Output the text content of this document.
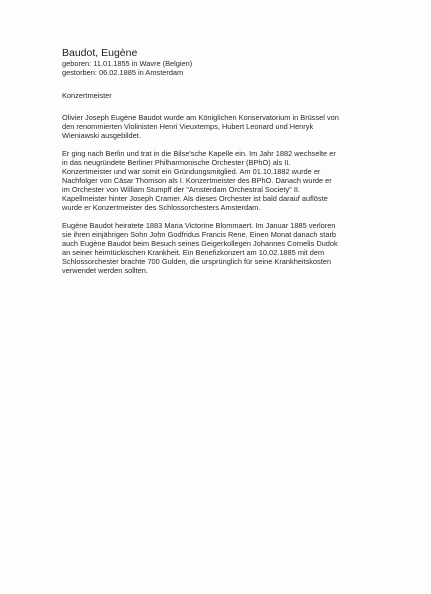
Baudot, Eugène

geboren: 11.01.1855 in Wavre (Belgien)

gestorben: 06.02.1885 in Amsterdam

Konzertmeister

Olivier Joseph Eugène Baudot wurde am Königlichen Konservatorium in Brüssel von
den renommierten Violinisten Henri Vieuxtemps, Hubert Leonard und Henryk
Wieniawski ausgebildet.
Er ging nach Berlin und trat in die Bilse'sche Kapelle ein. Im Jahr 1882 wechselte er
in das neugründete Berliner Philharmonische Orchester (BPhO) als II.
Konzertmeister und war somit ein Gründungsmitglied. Am 01.10.1882 wurde er
Nachfolger von Cäsar Thomson als I. Konzertmeister des BPhO. Danach wurde er
im Orchester von William Stumpff der "Amsterdam Orchestral Society" II.
Kapellmeister hinter Joseph Cramer. Als dieses Orchester ist bald darauf auflöste
wurde er Konzertmeister des Schlossorchesters Amsterdam.
Eugène Baudot heiratete 1883 Maria Victorine Blommaert. Im Januar 1885 verloren
sie ihren einjährigen Sohn John Godfridus Francis Rene. Einen Monat danach starb
auch Eugène Baudot beim Besuch seines Geigerkollegen Johannes Cornelis Dudok
an seiner heimtückischen Krankheit. Ein Benefizkonzert am 10.02.1885 mit dem
Schlossorchester brachte 700 Gulden, die ursprünglich für seine Krankheitskosten
verwendet werden sollten.
